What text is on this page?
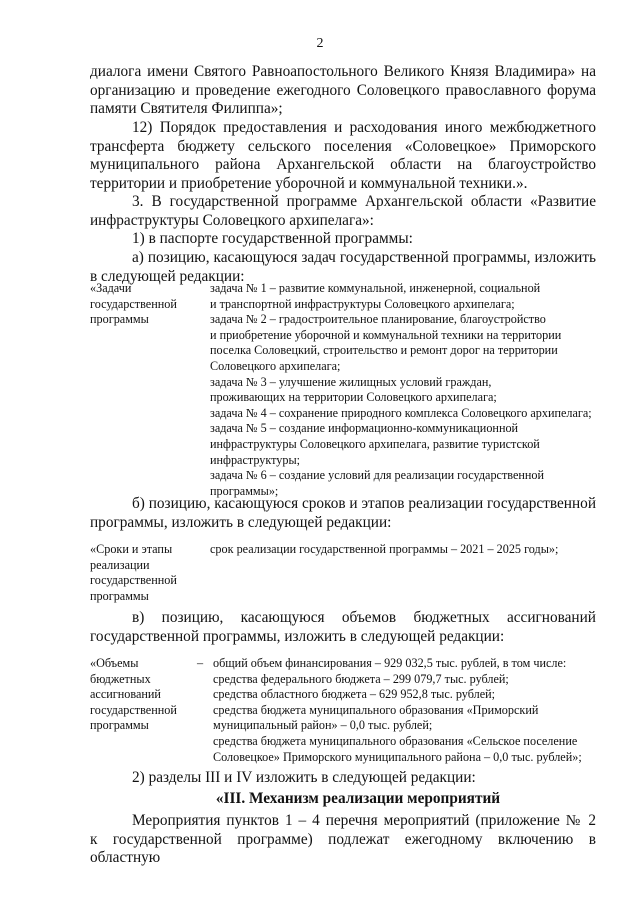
2
диалога имени Святого Равноапостольного Великого Князя Владимира» на
организацию и проведение ежегодного Соловецкого православного форума
памяти Святителя Филиппа»;
12) Порядок предоставления и расходования иного межбюджетного
трансферта бюджету сельского поселения «Соловецкое» Приморского
муниципального района Архангельской области на благоустройство
территории и приобретение уборочной и коммунальной техники.».
3. В государственной программе Архангельской области «Развитие
инфраструктуры Соловецкого архипелага»:
1) в паспорте государственной программы:
а) позицию, касающуюся задач государственной программы, изложить
в следующей редакции:
«Задачи
государственной
программы
задача № 1 – развитие коммунальной, инженерной, социальной
и транспортной инфраструктуры Соловецкого архипелага;
задача № 2 – градостроительное планирование, благоустройство
и приобретение уборочной и коммунальной техники на территории
поселка Соловецкий, строительство и ремонт дорог на территории
Соловецкого архипелага;
задача № 3 – улучшение жилищных условий граждан,
проживающих на территории Соловецкого архипелага;
задача № 4 – сохранение природного комплекса Соловецкого архипелага;
задача № 5 – создание информационно-коммуникационной
инфраструктуры Соловецкого архипелага, развитие туристской
инфраструктуры;
задача № 6 – создание условий для реализации государственной
программы»;
б) позицию, касающуюся сроков и этапов реализации государственной
программы, изложить в следующей редакции:
«Сроки и этапы
реализации
государственной
программы
срок реализации государственной программы – 2021 – 2025 годы»;
в) позицию, касающуюся объемов бюджетных ассигнований
государственной программы, изложить в следующей редакции:
«Объемы
бюджетных
ассигнований
государственной
программы
– общий объем финансирования – 929 032,5 тыс. рублей, в том числе:
средства федерального бюджета – 299 079,7 тыс. рублей;
средства областного бюджета – 629 952,8 тыс. рублей;
средства бюджета муниципального образования «Приморский
муниципальный район» – 0,0 тыс. рублей;
средства бюджета муниципального образования «Сельское поселение
Соловецкое» Приморского муниципального района – 0,0 тыс. рублей»;
2) разделы III и IV изложить в следующей редакции:
«III. Механизм реализации мероприятий
Мероприятия пунктов 1 – 4 перечня мероприятий (приложение № 2
к государственной программе) подлежат ежегодному включению в областную
